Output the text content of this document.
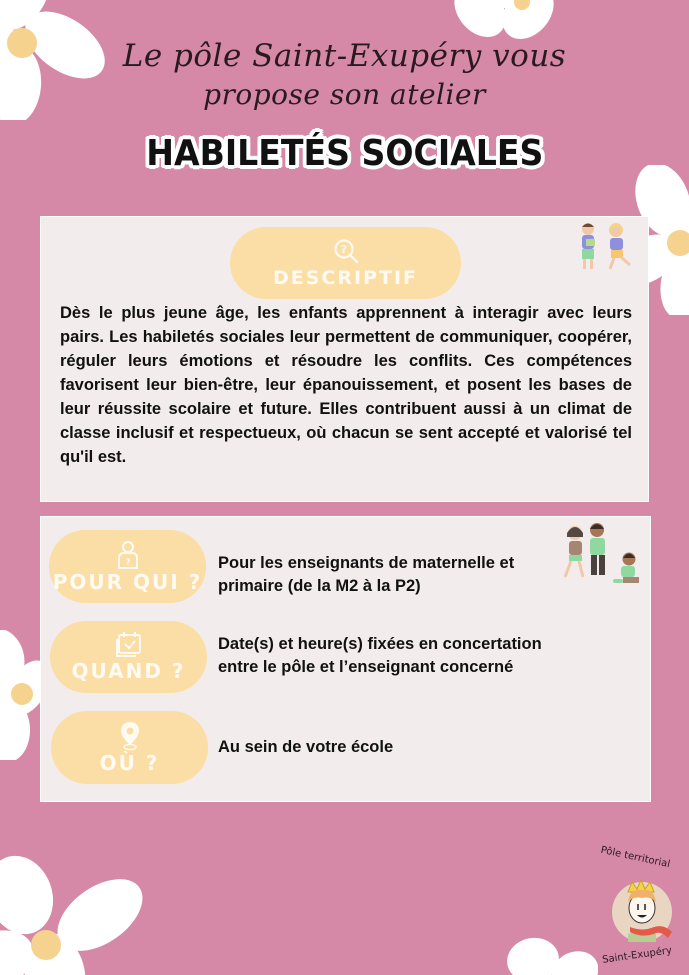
Le pôle Saint-Exupéry vous
propose son atelier
HABILETÉS SOCIALES
?
DESCRIPTIF

Dès le plus jeune âge, les enfants apprennent à interagir avec leurs pairs. Les habiletés sociales leur permettent de communiquer, coopérer, réguler leurs émotions et résoudre les conflits. Ces compétences favorisent leur bien-être, leur épanouissement, et posent les bases de leur réussite scolaire et future. Elles contribuent aussi à un climat de classe inclusif et respectueux, où chacun se sent accepté et valorisé tel qu'il est.

?
POUR QUI ?
Pour les enseignants de maternelle et
primaire (de la M2 à la P2)
QUAND ?
Date(s) et heure(s) fixées en concertation
entre le pôle et l’enseignant concerné
OÙ ?
Au sein de votre école
Pôle territorial
Saint-Exupéry
